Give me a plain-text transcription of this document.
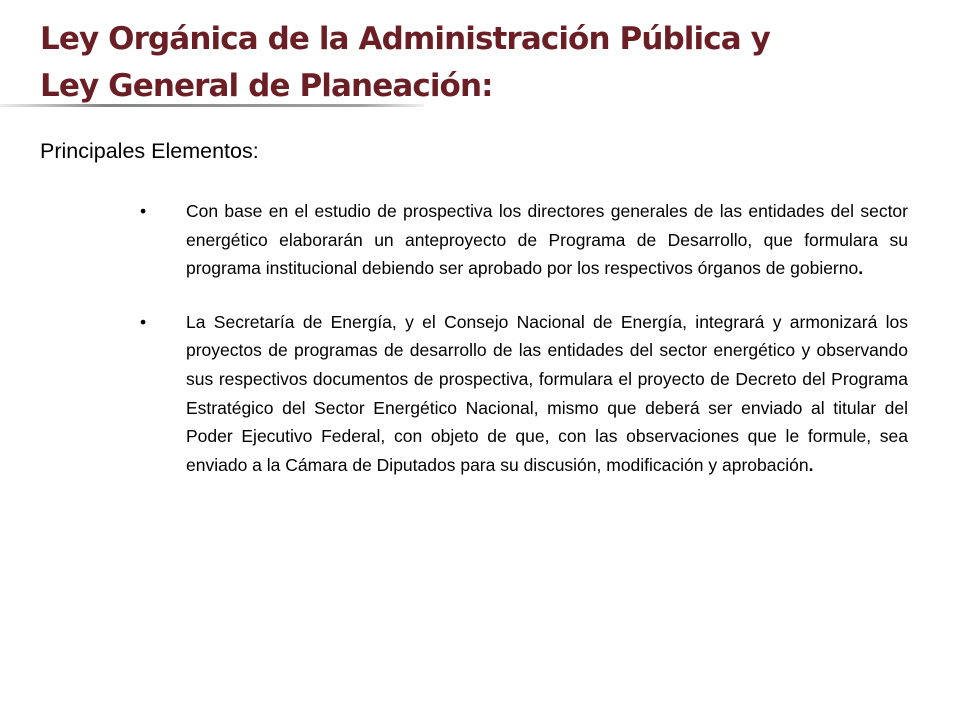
Ley Orgánica de la Administración Pública y
Ley General de Planeación:

Principales Elementos:

• Con base en el estudio de prospectiva los directores generales de las entidades del sector energético elaborarán un anteproyecto de Programa de Desarrollo, que formulara su programa institucional debiendo ser aprobado por los respectivos órganos de gobierno.
• La Secretaría de Energía, y el Consejo Nacional de Energía, integrará y armonizará los proyectos de programas de desarrollo de las entidades del sector energético y observando sus respectivos documentos de prospectiva, formulara el proyecto de Decreto del Programa Estratégico del Sector Energético Nacional, mismo que deberá ser enviado al titular del Poder Ejecutivo Federal, con objeto de que, con las observaciones que le formule, sea enviado a la Cámara de Diputados para su discusión, modificación y aprobación.
